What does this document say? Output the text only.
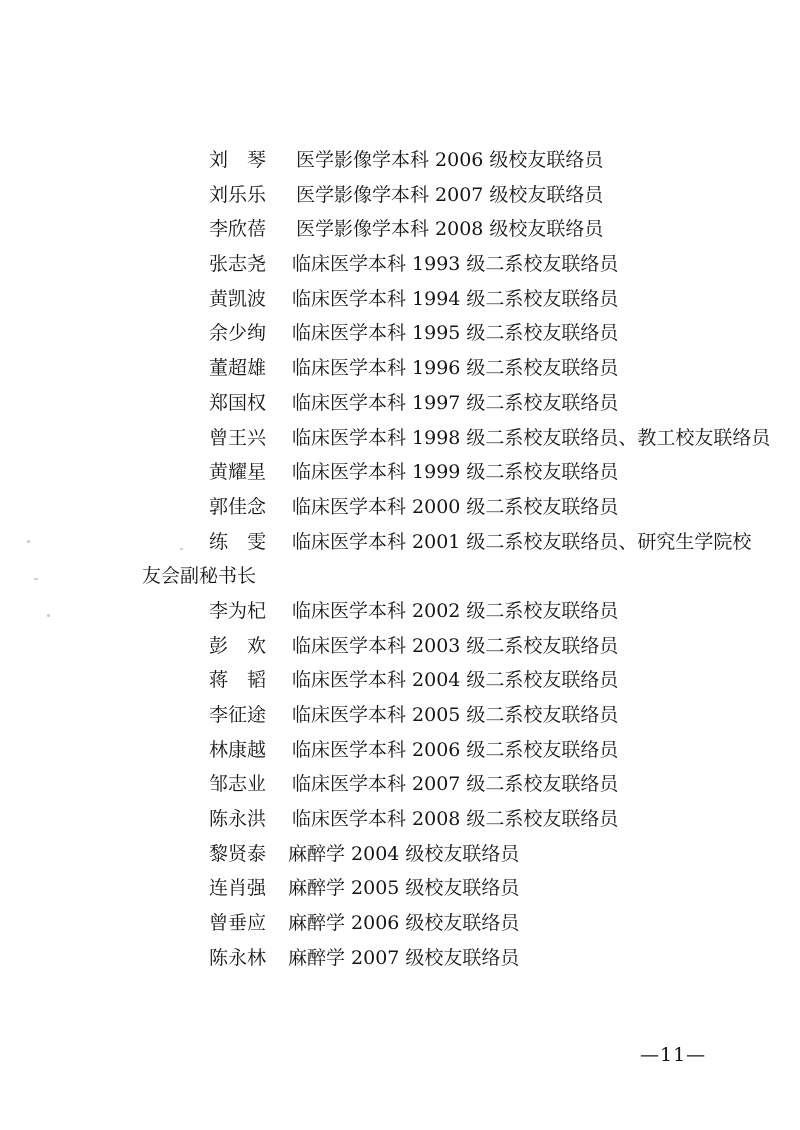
刘　琴 医学影像学本科 2006 级校友联络员
刘乐乐 医学影像学本科 2007 级校友联络员
李欣蓓 医学影像学本科 2008 级校友联络员
张志尧 临床医学本科 1993 级二系校友联络员
黄凯波 临床医学本科 1994 级二系校友联络员
余少绚 临床医学本科 1995 级二系校友联络员
董超雄 临床医学本科 1996 级二系校友联络员
郑国权 临床医学本科 1997 级二系校友联络员
曾王兴 临床医学本科 1998 级二系校友联络员、教工校友联络员
黄耀星 临床医学本科 1999 级二系校友联络员
郭佳念 临床医学本科 2000 级二系校友联络员
练　雯 临床医学本科 2001 级二系校友联络员、研究生学院校
友会副秘书长
李为杞 临床医学本科 2002 级二系校友联络员
彭　欢 临床医学本科 2003 级二系校友联络员
蒋　韬 临床医学本科 2004 级二系校友联络员
李征途 临床医学本科 2005 级二系校友联络员
林康越 临床医学本科 2006 级二系校友联络员
邹志业 临床医学本科 2007 级二系校友联络员
陈永洪 临床医学本科 2008 级二系校友联络员
黎贤泰 麻醉学 2004 级校友联络员
连肖强 麻醉学 2005 级校友联络员
曾垂应 麻醉学 2006 级校友联络员
陈永林 麻醉学 2007 级校友联络员
—11—
